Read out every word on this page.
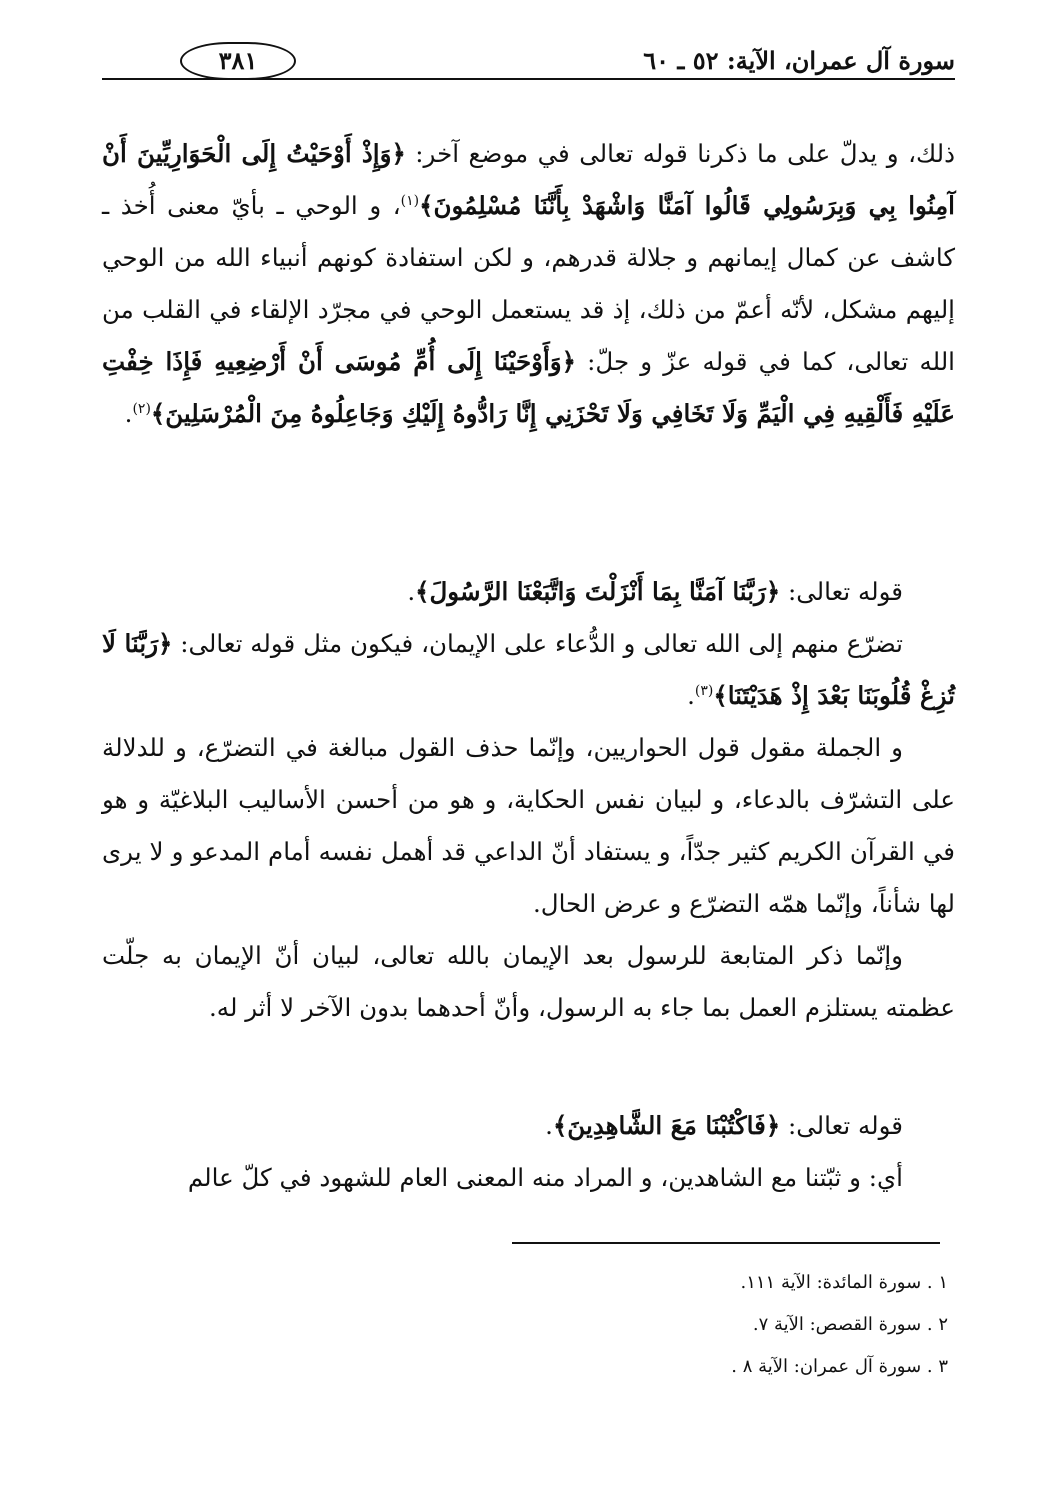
سورة آل عمران، الآية: ٥٢ ـ ٦٠
٣٨١

ذلك، و يدلّ على ما ذكرنا قوله تعالى في موضع آخر: ﴿وَإِذْ أَوْحَيْتُ إِلَى الْحَوَارِيِّينَ أَنْ آمِنُوا بِي وَبِرَسُولِي قَالُوا آمَنَّا وَاشْهَدْ بِأَنَّنَا مُسْلِمُونَ﴾$^{(١)}$، و الوحي ـ بأيّ معنى أُخذ ـ كاشف عن كمال إيمانهم و جلالة قدرهم، و لكن استفادة كونهم أنبياء الله من الوحي إليهم مشكل، لأنّه أعمّ من ذلك، إذ قد يستعمل الوحي في مجرّد الإلقاء في القلب من الله تعالى، كما في قوله عزّ و جلّ: ﴿وَأَوْحَيْنَا إِلَى أُمِّ مُوسَى أَنْ أَرْضِعِيهِ فَإِذَا خِفْتِ عَلَيْهِ فَأَلْقِيهِ فِي الْيَمِّ وَلَا تَخَافِي وَلَا تَحْزَنِي إِنَّا رَادُّوهُ إِلَيْكِ وَجَاعِلُوهُ مِنَ الْمُرْسَلِينَ﴾$^{(٢)}$.

قوله تعالى: ﴿رَبَّنَا آمَنَّا بِمَا أَنْزَلْتَ وَاتَّبَعْنَا الرَّسُولَ﴾.

تضرّع منهم إلى الله تعالى و الدُّعاء على الإيمان، فيكون مثل قوله تعالى: ﴿رَبَّنَا لَا تُزِغْ قُلُوبَنَا بَعْدَ إِذْ هَدَيْتَنَا﴾$^{(٣)}$.

و الجملة مقول قول الحواريين، وإنّما حذف القول مبالغة في التضرّع، و للدلالة على التشرّف بالدعاء، و لبيان نفس الحكاية، و هو من أحسن الأساليب البلاغيّة و هو في القرآن الكريم كثير جدّاً، و يستفاد أنّ الداعي قد أهمل نفسه أمام المدعو و لا يرى لها شأناً، وإنّما همّه التضرّع و عرض الحال.

وإنّما ذكر المتابعة للرسول بعد الإيمان بالله تعالى، لبيان أنّ الإيمان به جلّت عظمته يستلزم العمل بما جاء به الرسول، وأنّ أحدهما بدون الآخر لا أثر له.

قوله تعالى: ﴿فَاكْتُبْنَا مَعَ الشَّاهِدِينَ﴾.

أي: و ثبّتنا مع الشاهدين، و المراد منه المعنى العام للشهود في كلّ عالم

١ . سورة المائدة: الآية ١١١.

٢ . سورة القصص: الآية ٧.

٣ . سورة آل عمران: الآية ٨ .
